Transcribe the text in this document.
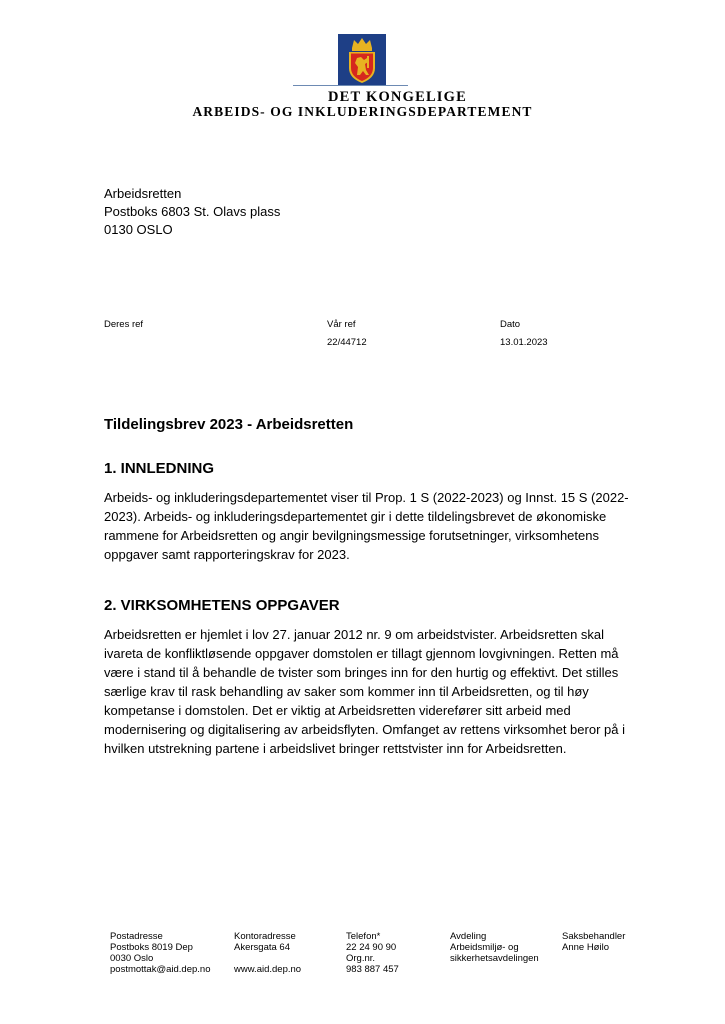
DET KONGELIGE
ARBEIDS- OG INKLUDERINGSDEPARTEMENT
Arbeidsretten
Postboks 6803 St. Olavs plass
0130 OSLO
Deres ref	Vår ref
22/44712
Dato
13.01.2023
Tildelingsbrev 2023 - Arbeidsretten
1. INNLEDNING
Arbeids- og inkluderingsdepartementet viser til Prop. 1 S (2022-2023) og Innst. 15 S (2022-
2023). Arbeids- og inkluderingsdepartementet gir i dette tildelingsbrevet de økonomiske
rammene for Arbeidsretten og angir bevilgningsmessige forutsetninger, virksomhetens
oppgaver samt rapporteringskrav for 2023.
2. VIRKSOMHETENS OPPGAVER
Arbeidsretten er hjemlet i lov 27. januar 2012 nr. 9 om arbeidstvister. Arbeidsretten skal
ivareta de konfliktløsende oppgaver domstolen er tillagt gjennom lovgivningen. Retten må
være i stand til å behandle de tvister som bringes inn for den hurtig og effektivt. Det stilles
særlige krav til rask behandling av saker som kommer inn til Arbeidsretten, og til høy
kompetanse i domstolen. Det er viktig at Arbeidsretten viderefører sitt arbeid med
modernisering og digitalisering av arbeidsflyten. Omfanget av rettens virksomhet beror på i
hvilken utstrekning partene i arbeidslivet bringer rettstvister inn for Arbeidsretten.
Postadresse
Postboks 8019 Dep
0030 Oslo
postmottak@aid.dep.no
Kontoradresse
Akersgata 64
www.aid.dep.no
Telefon*
22 24 90 90
Org.nr.
983 887 457
Avdeling
Arbeidsmiljø- og
sikkerhetsavdelingen
Saksbehandler
Anne Høilo
